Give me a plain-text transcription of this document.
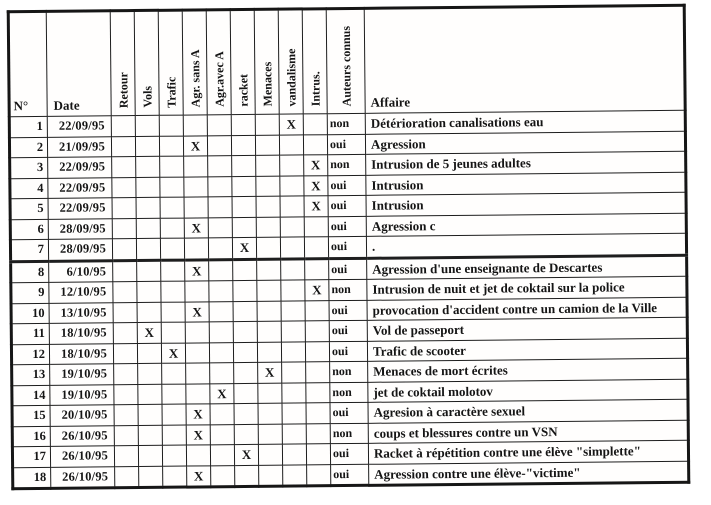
N°	Date	Retour	Vols	Trafic	Agr. sans A	Agr.avec A	racket	Menaces	vandalisme	Intrus.	Auteurs connus	Affaire
1	22/09/95								X		non	Détérioration canalisations eau
2	21/09/95				X						oui	Agression
3	22/09/95									X	non	Intrusion de 5 jeunes adultes
4	22/09/95									X	oui	Intrusion
5	22/09/95									X	oui	Intrusion
6	28/09/95				X						oui	Agression c
7	28/09/95						X				oui	.
8	6/10/95				X						oui	Agression d'une enseignante de Descartes
9	12/10/95									X	non	Intrusion de nuit et jet de coktail sur la police
10	13/10/95				X						oui	provocation d'accident contre un camion de la Ville
11	18/10/95		X								oui	Vol de passeport
12	18/10/95			X							oui	Trafic de scooter
13	19/10/95							X			non	Menaces de mort écrites
14	19/10/95					X					non	jet de coktail molotov
15	20/10/95				X						oui	Agresion à caractère sexuel
16	26/10/95				X						non	coups et blessures contre un VSN
17	26/10/95						X				oui	Racket à répétition contre une élève "simplette"
18	26/10/95				X						oui	Agression contre une élève-"victime"
